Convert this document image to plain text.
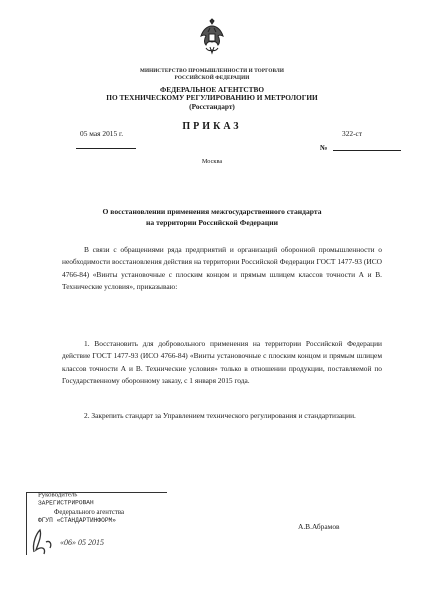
МИНИСТЕРСТВО ПРОМЫШЛЕННОСТИ И ТОРГОВЛИ
РОССИЙСКОЙ ФЕДЕРАЦИИ
ФЕДЕРАЛЬНОЕ АГЕНТСТВО
ПО ТЕХНИЧЕСКОМУ РЕГУЛИРОВАНИЮ И МЕТРОЛОГИИ
(Росстандарт)
ПРИКАЗ
05 мая 2015 г.	322-ст
№
Москва
О восстановлении применения межгосударственного стандарта
на территории Российской Федерации
В связи с обращениями ряда предприятий и организаций оборонной промышленности о необходимости восстановления действия на территории Российской Федерации ГОСТ 1477-93 (ИСО 4766-84) «Винты установочные с плоским концом и прямым шлицем классов точности А и В. Технические условия», приказываю:
1. Восстановить для добровольного применения на территории Российской Федерации действие ГОСТ 1477-93 (ИСО 4766-84) «Винты установочные с плоским концом и прямым шлицем классов точности А и В. Технические условия» только в отношении продукции, поставляемой по Государственному оборонному заказу, с 1 января 2015 года.
2. Закрепить стандарт за Управлением технического регулирования и стандартизации.
Руководитель
ЗАРЕГИСТРИРОВАН
Федерального агентства
ФГУП «СТАНДАРТИНФОРМ»
«06» 05 2015
А.В.Абрамов
